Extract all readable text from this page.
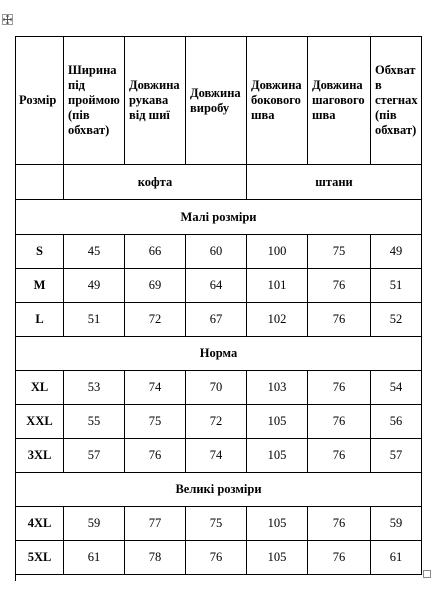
Розмір	Ширина під проймою (пів обхват)	Довжина рукава від шиї	Довжина виробу	Довжина бокового шва	Довжина шагового шва	Обхват в стегнах (пів обхват)
	кофта			штани		
Малі розміри						
S	45	66	60	100	75	49
M	49	69	64	101	76	51
L	51	72	67	102	76	52
Норма						
XL	53	74	70	103	76	54
XXL	55	75	72	105	76	56
3XL	57	76	74	105	76	57
Великі розміри						
4XL	59	77	75	105	76	59
5XL	61	78	76	105	76	61
